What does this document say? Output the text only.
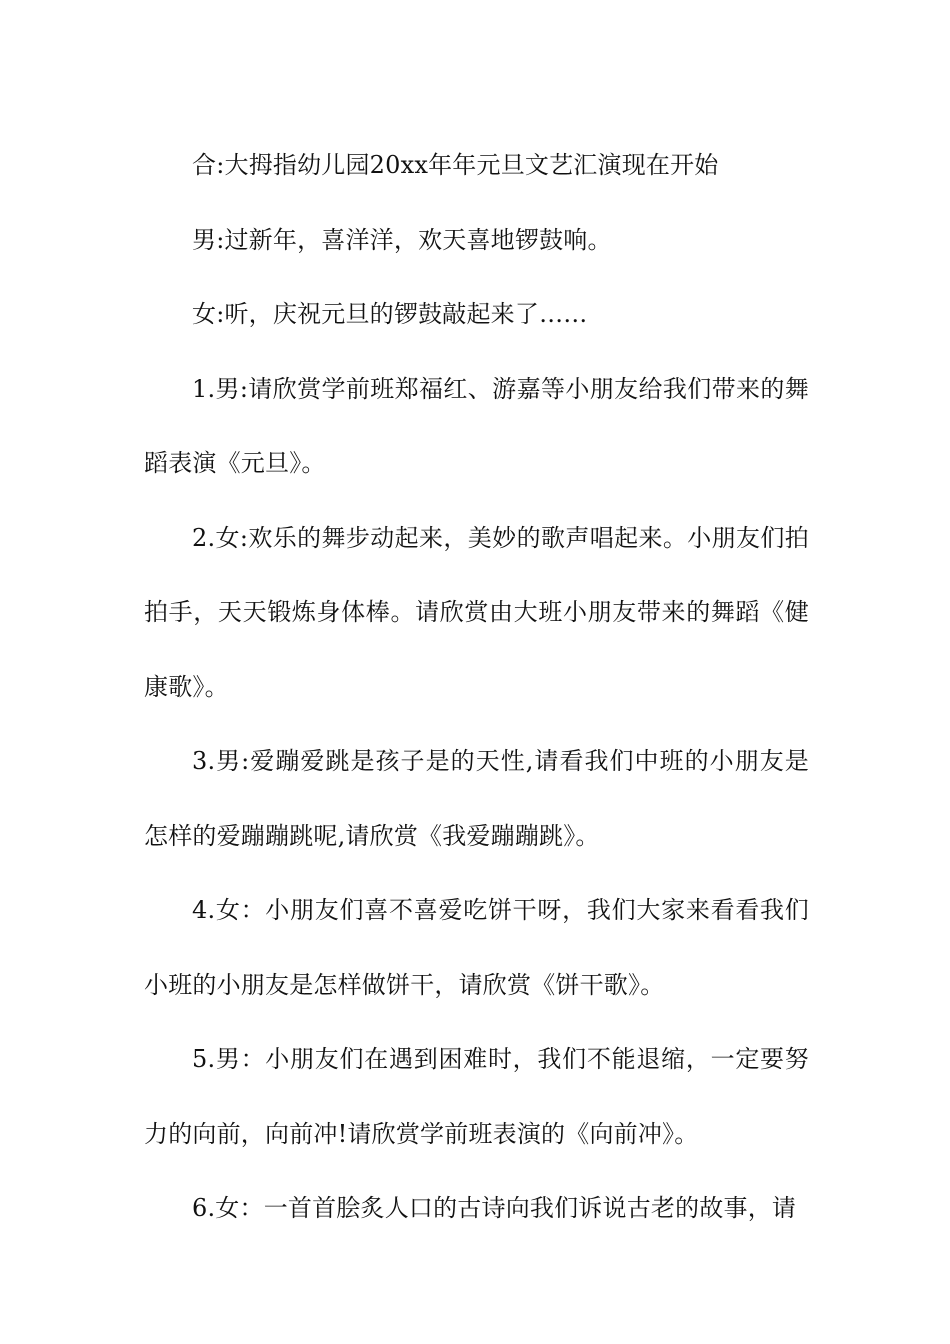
合:大拇指幼儿园20xx年年元旦文艺汇演现在开始

男:过新年，喜洋洋，欢天喜地锣鼓响。

女:听，庆祝元旦的锣鼓敲起来了……

1.男:请欣赏学前班郑福红、游嘉等小朋友给我们带来的舞蹈表演《元旦》。

2.女:欢乐的舞步动起来，美妙的歌声唱起来。小朋友们拍拍手，天天锻炼身体棒。请欣赏由大班小朋友带来的舞蹈《健康歌》。

3.男:爱蹦爱跳是孩子是的天性,请看我们中班的小朋友是怎样的爱蹦蹦跳呢,请欣赏《我爱蹦蹦跳》。

4.女：小朋友们喜不喜爱吃饼干呀，我们大家来看看我们小班的小朋友是怎样做饼干，请欣赏《饼干歌》。

5.男：小朋友们在遇到困难时，我们不能退缩，一定要努力的向前，向前冲!请欣赏学前班表演的《向前冲》。

6.女：一首首脍炙人口的古诗向我们诉说古老的故事，请
